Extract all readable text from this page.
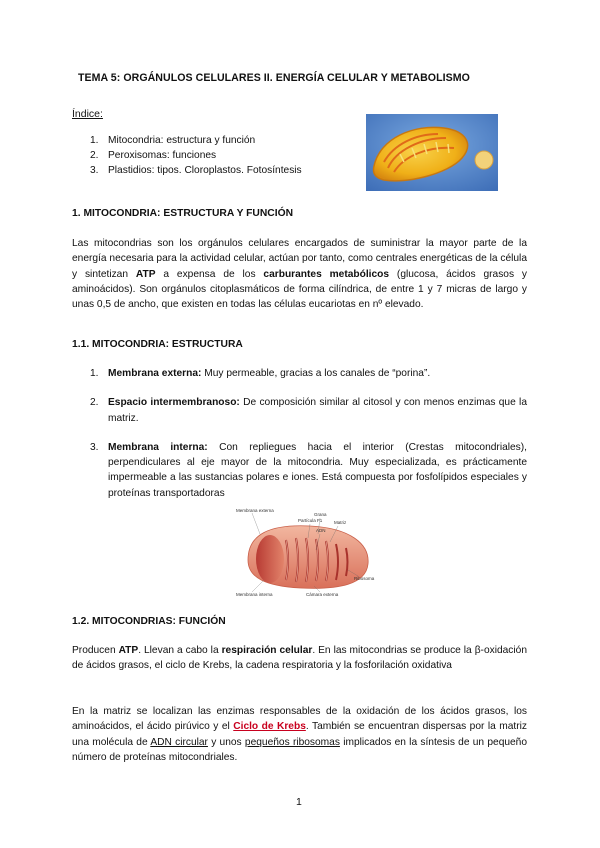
TEMA 5: ORGÁNULOS CELULARES II. ENERGÍA CELULAR Y METABOLISMO
Índice:
1. Mitocondria: estructura y función
2. Peroxisomas: funciones
3. Plastidios: tipos. Cloroplastos. Fotosíntesis
1. MITOCONDRIA: ESTRUCTURA Y FUNCIÓN
Las mitocondrias son los orgánulos celulares encargados de suministrar la mayor parte de la energía necesaria para la actividad celular, actúan por tanto, como centrales energéticas de la célula y sintetizan ATP a expensa de los carburantes metabólicos (glucosa, ácidos grasos y aminoácidos). Son orgánulos citoplasmáticos de forma cilíndrica, de entre 1 y 7 micras de largo y unas 0,5 de ancho, que existen en todas las células eucariotas en nº elevado.
1.1. MITOCONDRIA: ESTRUCTURA
1. Membrana externa: Muy permeable, gracias a los canales de “porina”.
2. Espacio intermembranoso: De composición similar al citosol y con menos enzimas que la matriz.
3. Membrana interna: Con repliegues hacia el interior (Crestas mitocondriales), perpendiculares al eje mayor de la mitocondria. Muy especializada, es prácticamente impermeable a las sustancias polares e iones. Está compuesta por fosfolípidos especiales y proteínas transportadoras
Membrana externa
Grana
Partícula F1	Matriz
ADN
Ribosoma
Membrana interna	Cámara externa
1.2. MITOCONDRIAS: FUNCIÓN
Producen ATP. Llevan a cabo la respiración celular. En las mitocondrias se produce la β-oxidación de ácidos grasos, el ciclo de Krebs, la cadena respiratoria y la fosforilación oxidativa
En la matriz se localizan las enzimas responsables de la oxidación de los ácidos grasos, los aminoácidos, el ácido pirúvico y el Ciclo de Krebs. También se encuentran dispersas por la matriz una molécula de ADN circular y unos pequeños ribosomas implicados en la síntesis de un pequeño número de proteínas mitocondriales.
1
